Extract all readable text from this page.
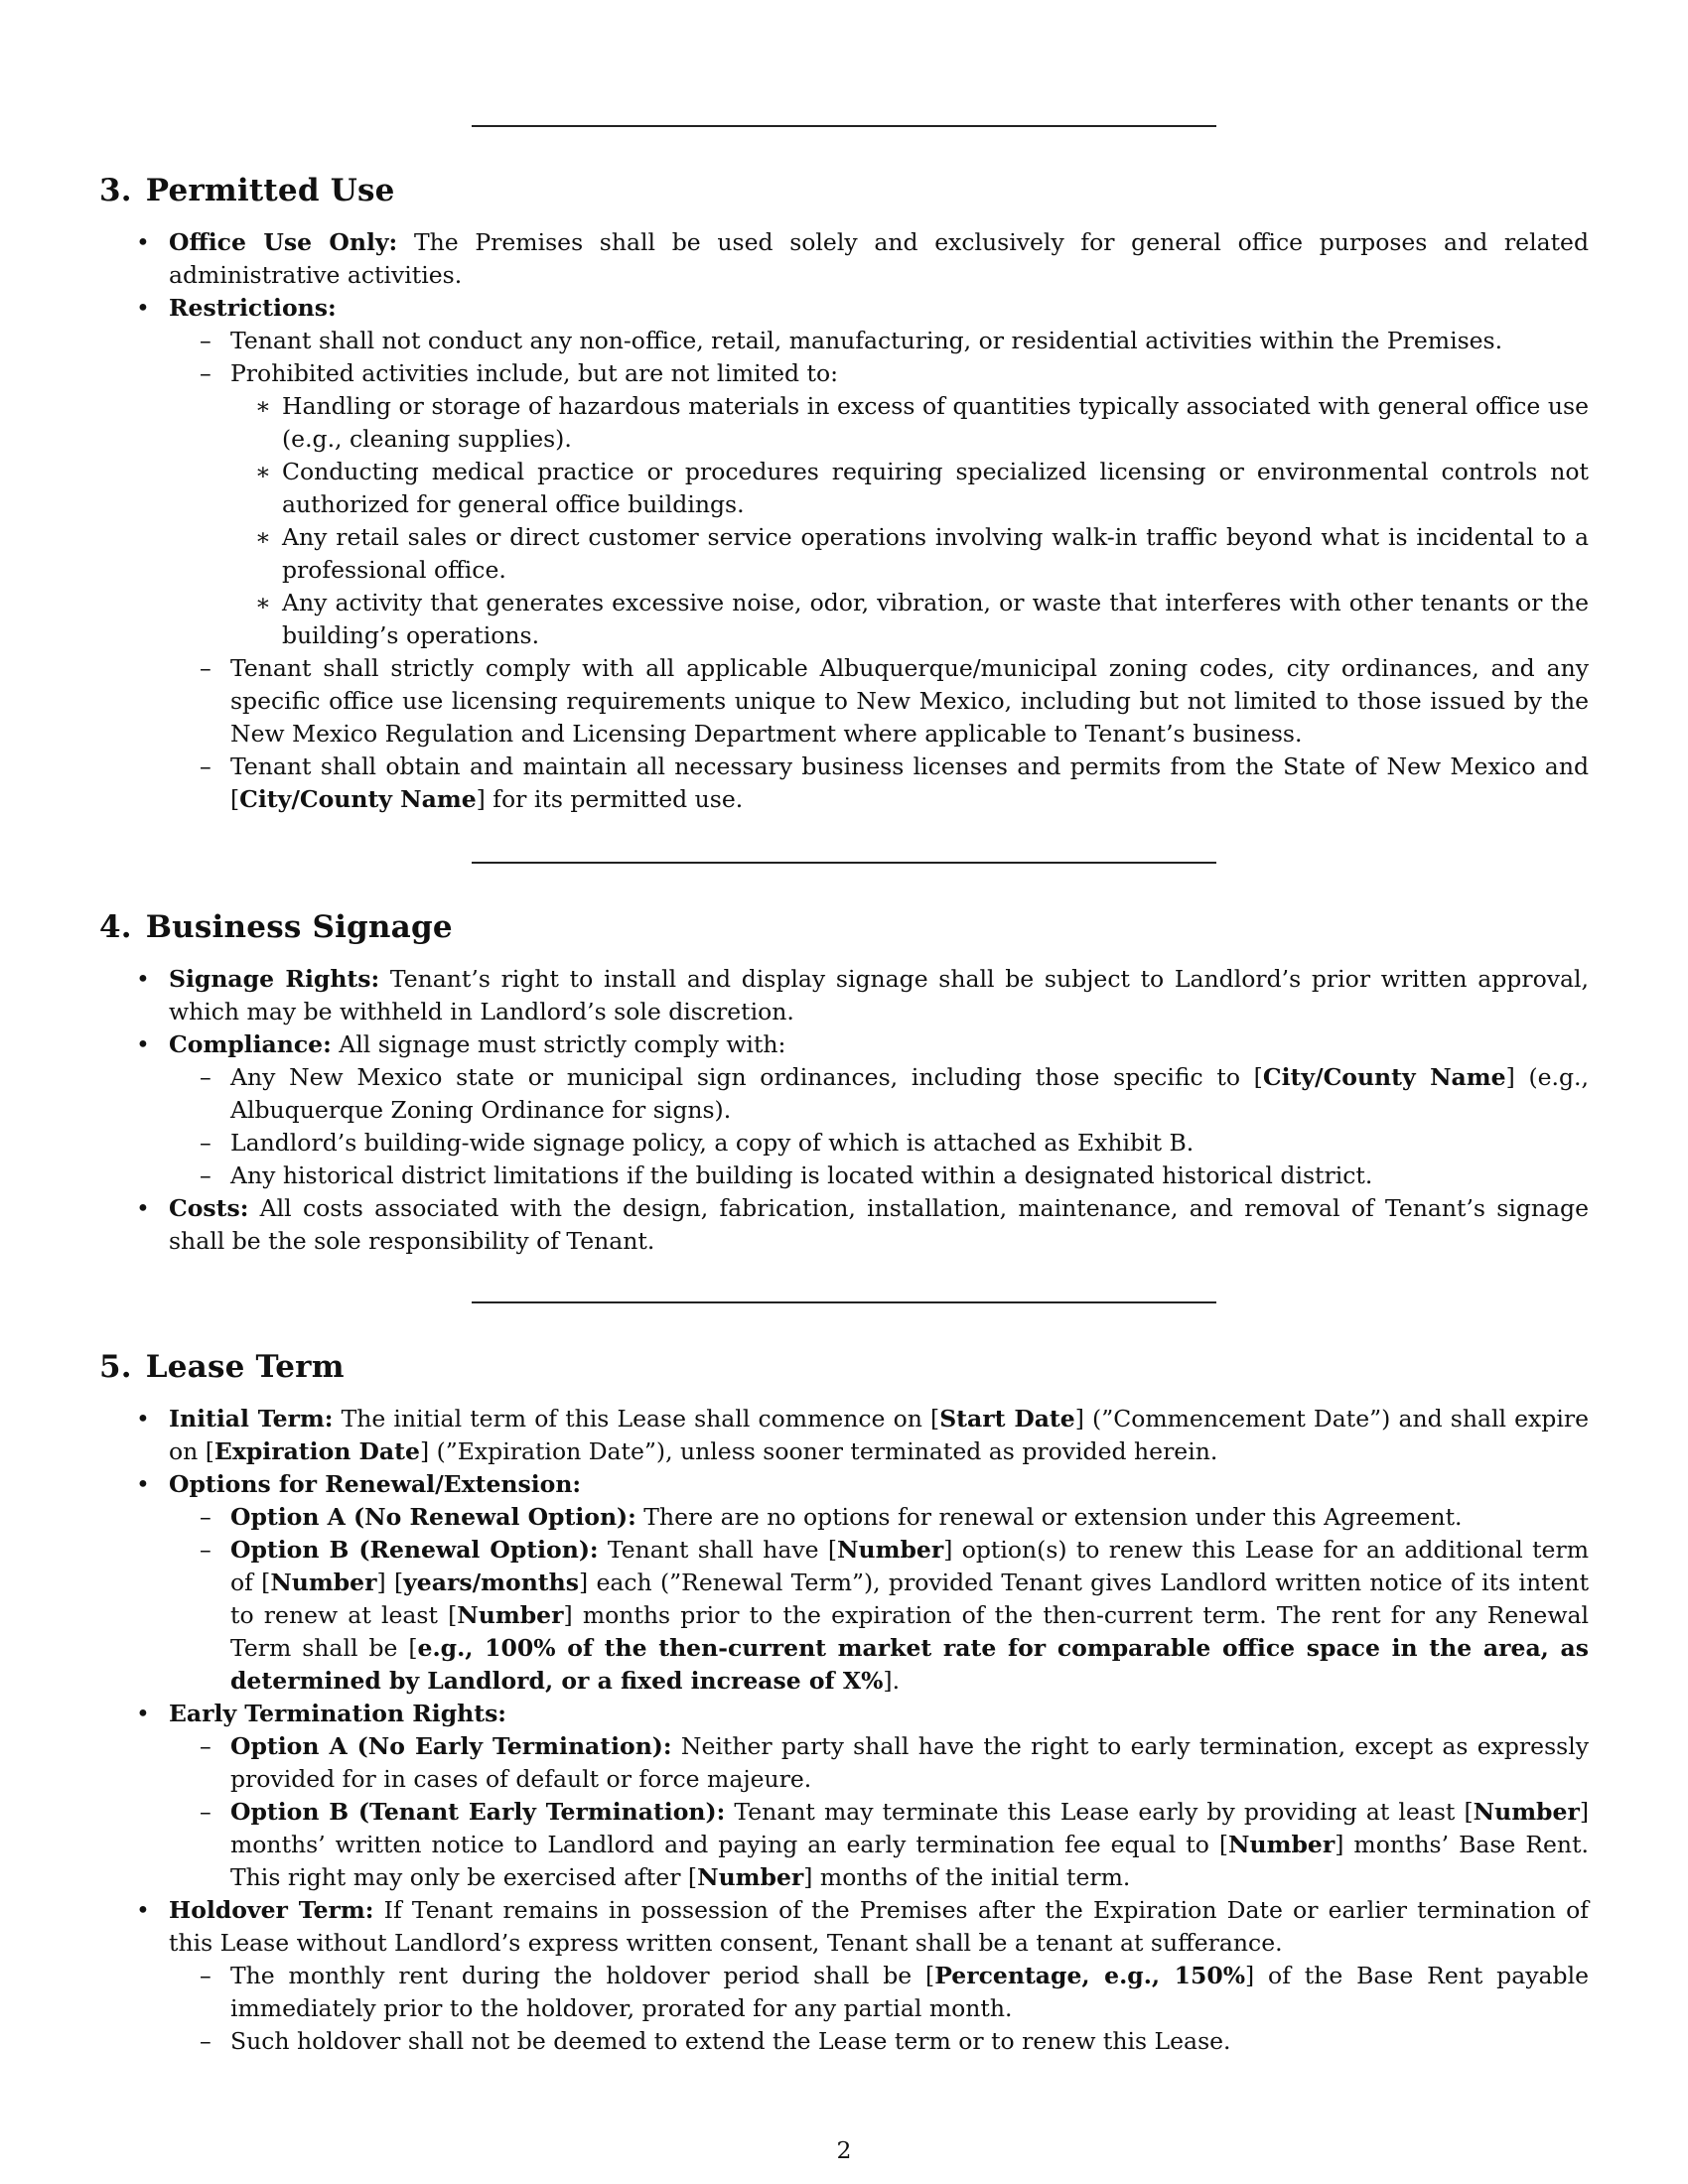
3. Permitted Use
• Office Use Only: The Premises shall be used solely and exclusively for general office purposes and related administrative activities.
• Restrictions:
– Tenant shall not conduct any non-office, retail, manufacturing, or residential activities within the Premises.
– Prohibited activities include, but are not limited to:
∗ Handling or storage of hazardous materials in excess of quantities typically associated with general office use (e.g., cleaning supplies).
∗ Conducting medical practice or procedures requiring specialized licensing or environmental controls not authorized for general office buildings.
∗ Any retail sales or direct customer service operations involving walk-in traffic beyond what is incidental to a professional office.
∗ Any activity that generates excessive noise, odor, vibration, or waste that interferes with other tenants or the building’s operations.
– Tenant shall strictly comply with all applicable Albuquerque/municipal zoning codes, city ordinances, and any specific office use licensing requirements unique to New Mexico, including but not limited to those issued by the New Mexico Regulation and Licensing Department where applicable to Tenant’s business.
– Tenant shall obtain and maintain all necessary business licenses and permits from the State of New Mexico and [City/County Name] for its permitted use.
4. Business Signage
• Signage Rights: Tenant’s right to install and display signage shall be subject to Landlord’s prior written approval, which may be withheld in Landlord’s sole discretion.
• Compliance: All signage must strictly comply with:
– Any New Mexico state or municipal sign ordinances, including those specific to [City/County Name] (e.g., Albuquerque Zoning Ordinance for signs).
– Landlord’s building-wide signage policy, a copy of which is attached as Exhibit B.
– Any historical district limitations if the building is located within a designated historical district.
• Costs: All costs associated with the design, fabrication, installation, maintenance, and removal of Tenant’s signage shall be the sole responsibility of Tenant.
5. Lease Term
• Initial Term: The initial term of this Lease shall commence on [Start Date] (”Commencement Date”) and shall expire on [Expiration Date] (”Expiration Date”), unless sooner terminated as provided herein.
• Options for Renewal/Extension:
– Option A (No Renewal Option): There are no options for renewal or extension under this Agreement.
– Option B (Renewal Option): Tenant shall have [Number] option(s) to renew this Lease for an additional term of [Number] [years/months] each (”Renewal Term”), provided Tenant gives Landlord written notice of its intent to renew at least [Number] months prior to the expiration of the then-current term. The rent for any Renewal Term shall be [e.g., 100% of the then-current market rate for comparable office space in the area, as determined by Landlord, or a fixed increase of X%].
• Early Termination Rights:
– Option A (No Early Termination): Neither party shall have the right to early termination, except as expressly provided for in cases of default or force majeure.
– Option B (Tenant Early Termination): Tenant may terminate this Lease early by providing at least [Number] months’ written notice to Landlord and paying an early termination fee equal to [Number] months’ Base Rent. This right may only be exercised after [Number] months of the initial term.
• Holdover Term: If Tenant remains in possession of the Premises after the Expiration Date or earlier termination of this Lease without Landlord’s express written consent, Tenant shall be a tenant at sufferance.
– The monthly rent during the holdover period shall be [Percentage, e.g., 150%] of the Base Rent payable immediately prior to the holdover, prorated for any partial month.
– Such holdover shall not be deemed to extend the Lease term or to renew this Lease.
2
